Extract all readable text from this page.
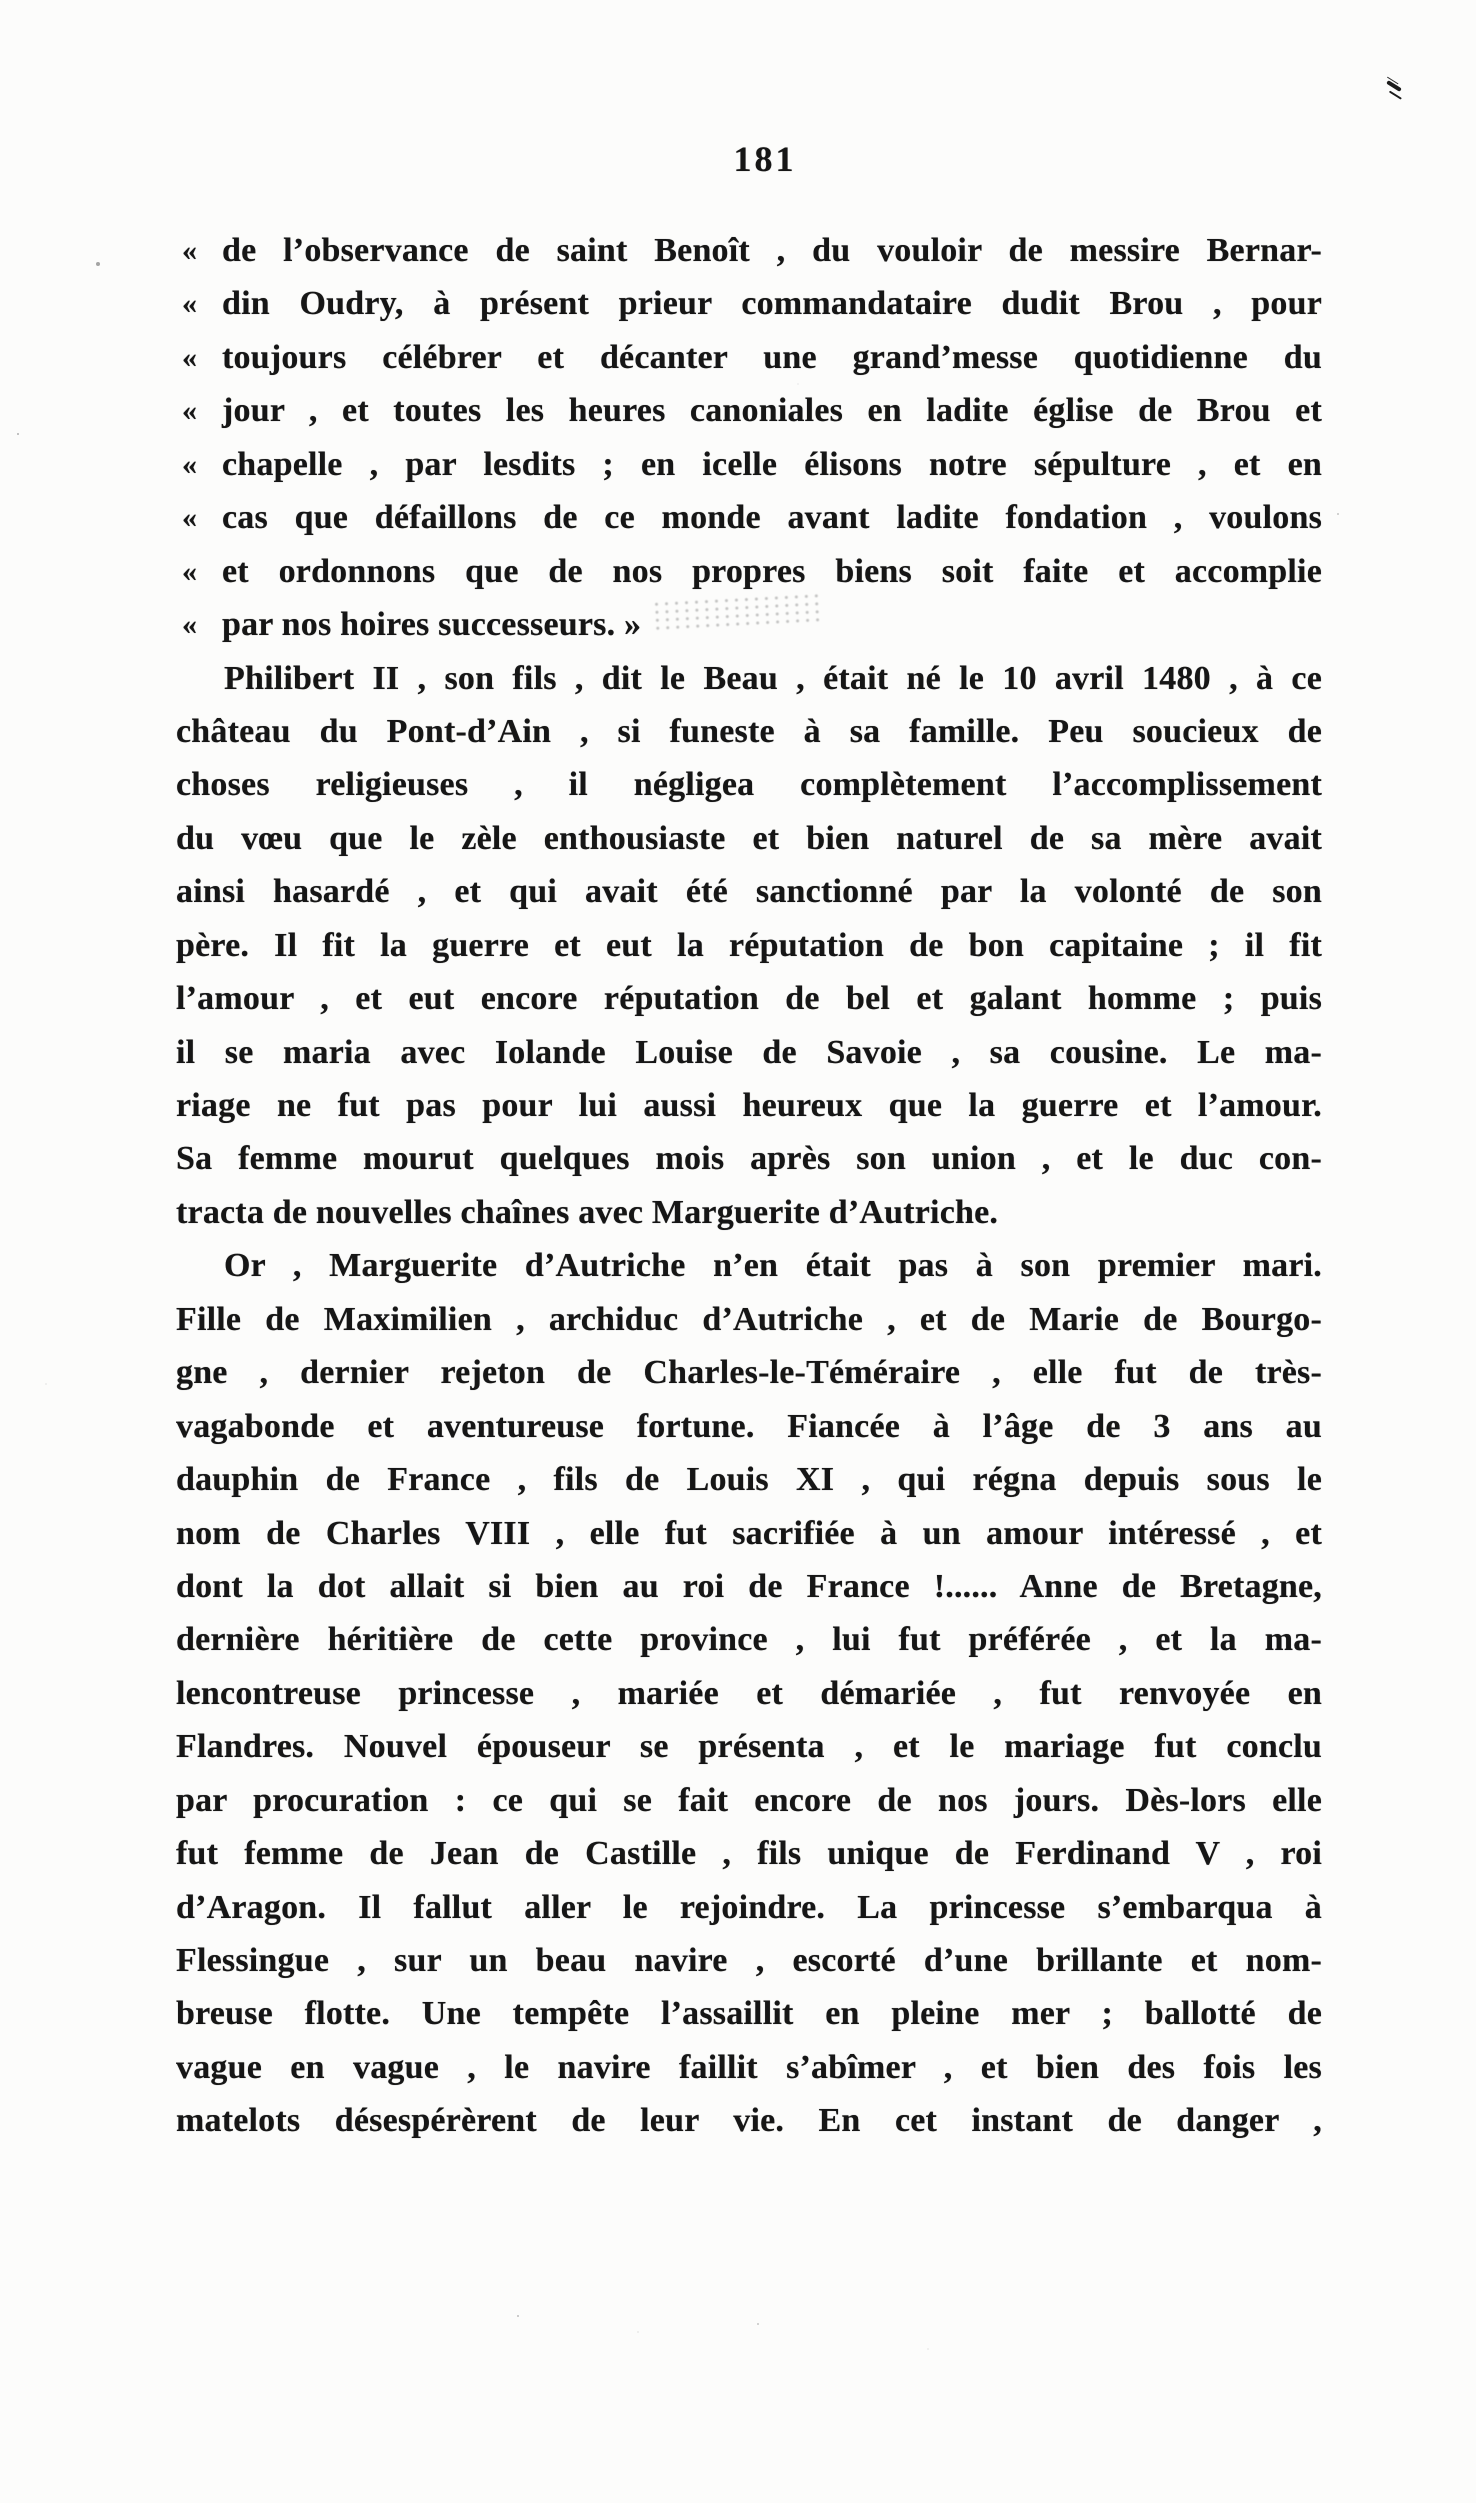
181
« de l’observance de saint Benoît , du vouloir de messire Bernar-
« din Oudry, à présent prieur commandataire dudit Brou , pour
« toujours célébrer et décanter une grand’messe quotidienne du
« jour , et toutes les heures canoniales en ladite église de Brou et
« chapelle , par lesdits ; en icelle élisons notre sépulture , et en
« cas que défaillons de ce monde avant ladite fondation , voulons
« et ordonnons que de nos propres biens soit faite et accomplie
« par nos hoires successeurs. »
Philibert II , son fils , dit le Beau , était né le 10 avril 1480 , à ce
château du Pont-d’Ain , si funeste à sa famille. Peu soucieux de
choses religieuses , il négligea complètement l’accomplissement
du vœu que le zèle enthousiaste et bien naturel de sa mère avait
ainsi hasardé , et qui avait été sanctionné par la volonté de son
père. Il fit la guerre et eut la réputation de bon capitaine ; il fit
l’amour , et eut encore réputation de bel et galant homme ; puis
il se maria avec Iolande Louise de Savoie , sa cousine. Le ma-
riage ne fut pas pour lui aussi heureux que la guerre et l’amour.
Sa femme mourut quelques mois après son union , et le duc con-
tracta de nouvelles chaînes avec Marguerite d’Autriche.
Or , Marguerite d’Autriche n’en était pas à son premier mari.
Fille de Maximilien , archiduc d’Autriche , et de Marie de Bourgo-
gne , dernier rejeton de Charles-le-Téméraire , elle fut de très-
vagabonde et aventureuse fortune. Fiancée à l’âge de 3 ans au
dauphin de France , fils de Louis XI , qui régna depuis sous le
nom de Charles VIII , elle fut sacrifiée à un amour intéressé , et
dont la dot allait si bien au roi de France !...... Anne de Bretagne,
dernière héritière de cette province , lui fut préférée , et la ma-
lencontreuse princesse , mariée et démariée , fut renvoyée en
Flandres. Nouvel épouseur se présenta , et le mariage fut conclu
par procuration : ce qui se fait encore de nos jours. Dès-lors elle
fut femme de Jean de Castille , fils unique de Ferdinand V , roi
d’Aragon. Il fallut aller le rejoindre. La princesse s’embarqua à
Flessingue , sur un beau navire , escorté d’une brillante et nom-
breuse flotte. Une tempête l’assaillit en pleine mer ; ballotté de
vague en vague , le navire faillit s’abîmer , et bien des fois les
matelots désespérèrent de leur vie. En cet instant de danger ,
